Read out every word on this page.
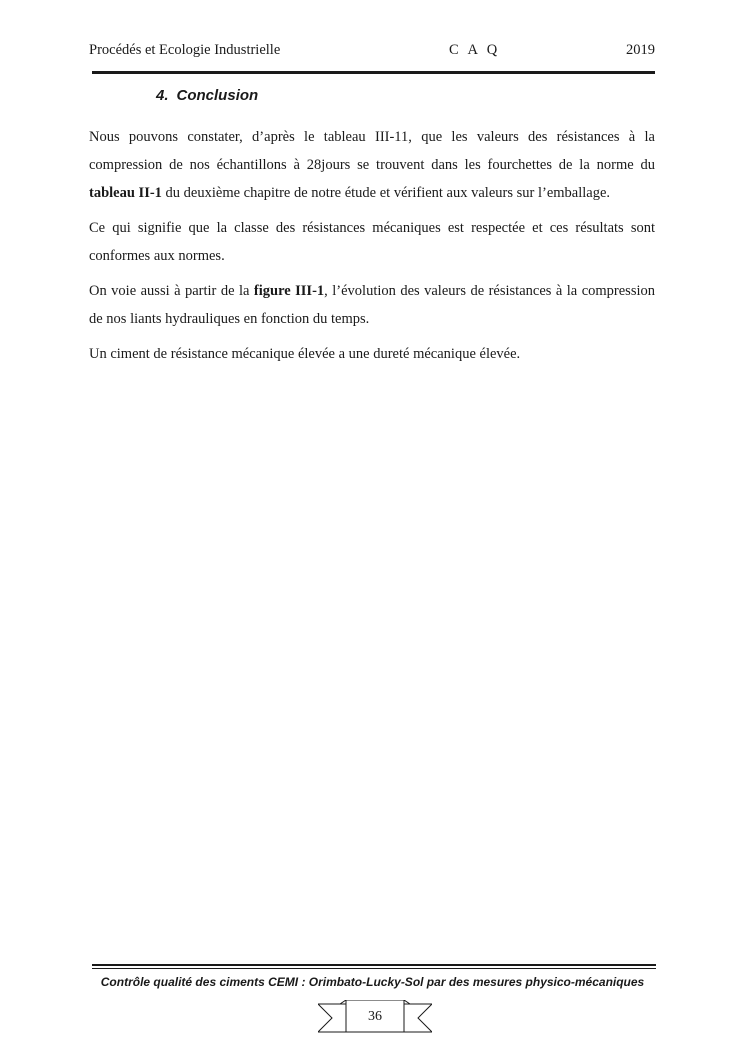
Procédés et Ecologie Industrielle	C A Q	2019
4. Conclusion

Nous pouvons constater, d’après le tableau III-11, que les valeurs des résistances à la compression de nos échantillons à 28jours se trouvent dans les fourchettes de la norme du tableau II-1 du deuxième chapitre de notre étude et vérifient aux valeurs sur l’emballage.

Ce qui signifie que la classe des résistances mécaniques est respectée et ces résultats sont conformes aux normes.

On voie aussi à partir de la figure III-1, l’évolution des valeurs de résistances à la compression de nos liants hydrauliques en fonction du temps.

Un ciment de résistance mécanique élevée a une dureté mécanique élevée.

Contrôle qualité des ciments CEMI : Orimbato-Lucky-Sol par des mesures physico-mécaniques
36
